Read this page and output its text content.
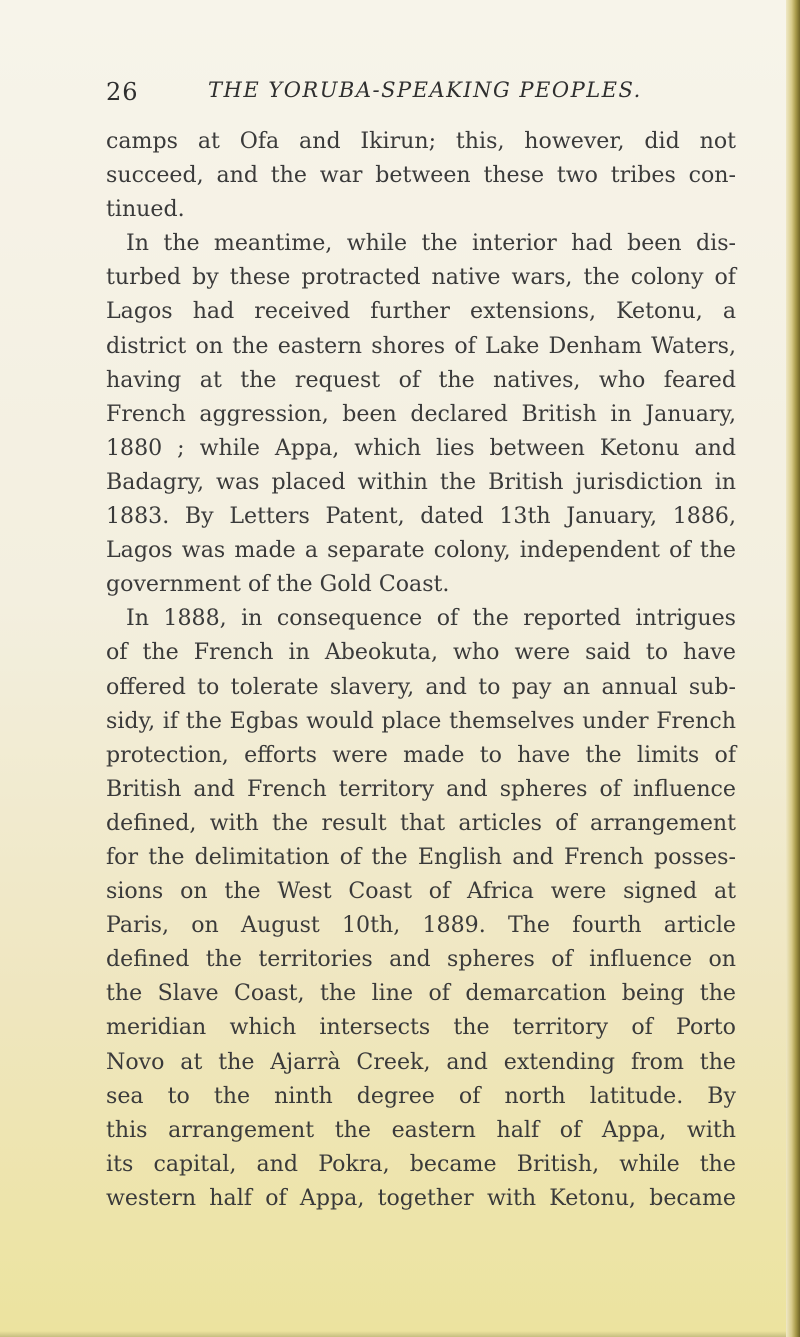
26	THE YORUBA-SPEAKING PEOPLES.
camps at Ofa and Ikirun; this, however, did not
succeed, and the war between these two tribes con-
tinued.
In the meantime, while the interior had been dis-
turbed by these protracted native wars, the colony of
Lagos had received further extensions, Ketonu, a
district on the eastern shores of Lake Denham Waters,
having at the request of the natives, who feared
French aggression, been declared British in January,
1880 ; while Appa, which lies between Ketonu and
Badagry, was placed within the British jurisdiction in
1883. By Letters Patent, dated 13th January, 1886,
Lagos was made a separate colony, independent of the
government of the Gold Coast.
In 1888, in consequence of the reported intrigues
of the French in Abeokuta, who were said to have
offered to tolerate slavery, and to pay an annual sub-
sidy, if the Egbas would place themselves under French
protection, efforts were made to have the limits of
British and French territory and spheres of influence
defined, with the result that articles of arrangement
for the delimitation of the English and French posses-
sions on the West Coast of Africa were signed at
Paris, on August 10th, 1889. The fourth article
defined the territories and spheres of influence on
the Slave Coast, the line of demarcation being the
meridian which intersects the territory of Porto
Novo at the Ajarrà Creek, and extending from the
sea to the ninth degree of north latitude. By
this arrangement the eastern half of Appa, with
its capital, and Pokra, became British, while the
western half of Appa, together with Ketonu, became
